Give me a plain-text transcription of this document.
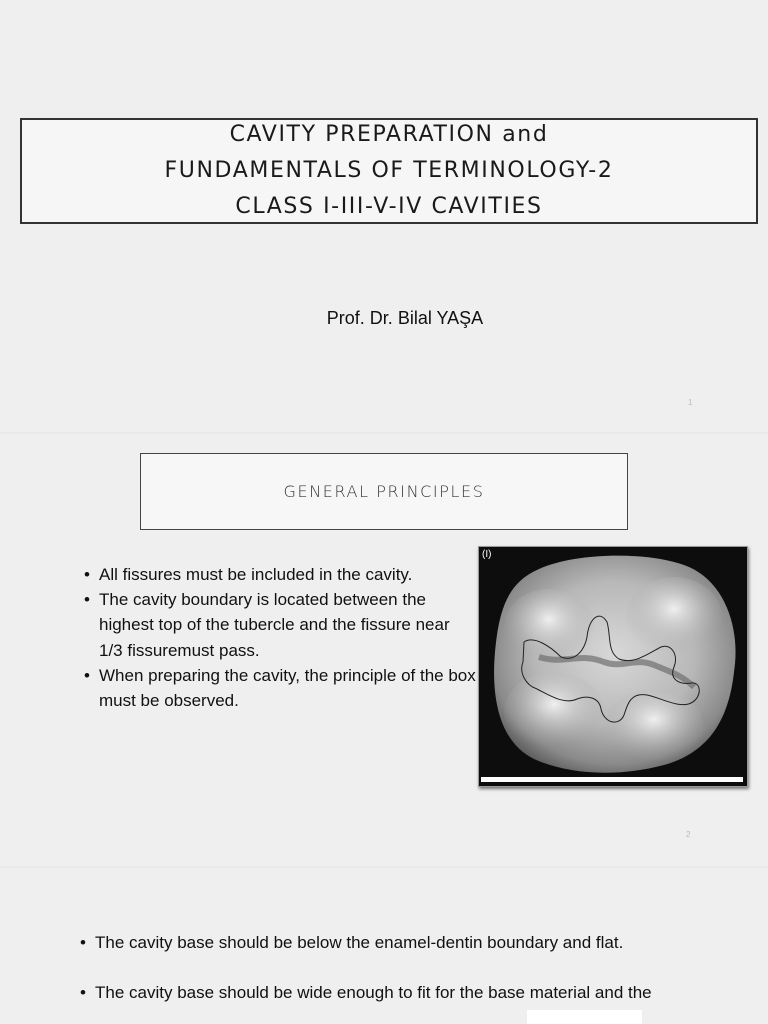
CAVITY PREPARATION and
FUNDAMENTALS OF TERMINOLOGY-2
CLASS I-III-V-IV CAVITIES
Prof. Dr. Bilal YAŞA
1
GENERAL PRINCIPLES
• All fissures must be included in the cavity.
• The cavity boundary is located between the highest top of the tubercle and the fissure near 1/3 fissuremust pass.
• When preparing the cavity, the principle of the box must be observed.
(I)
2
• The cavity base should be below the enamel-dentin boundary and flat.
• The cavity base should be wide enough to fit for the base material and the
